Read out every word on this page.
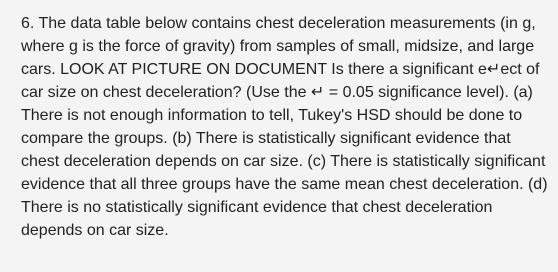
6. The data table below contains chest deceleration measurements (in g, where g is the force of gravity) from samples of small, midsize, and large cars. LOOK AT PICTURE ON DOCUMENT Is there a significant e↵ect of car size on chest deceleration? (Use the ↵ = 0.05 significance level). (a) There is not enough information to tell, Tukey's HSD should be done to compare the groups. (b) There is statistically significant evidence that chest deceleration depends on car size. (c) There is statistically significant evidence that all three groups have the same mean chest deceleration. (d) There is no statistically significant evidence that chest deceleration depends on car size.
